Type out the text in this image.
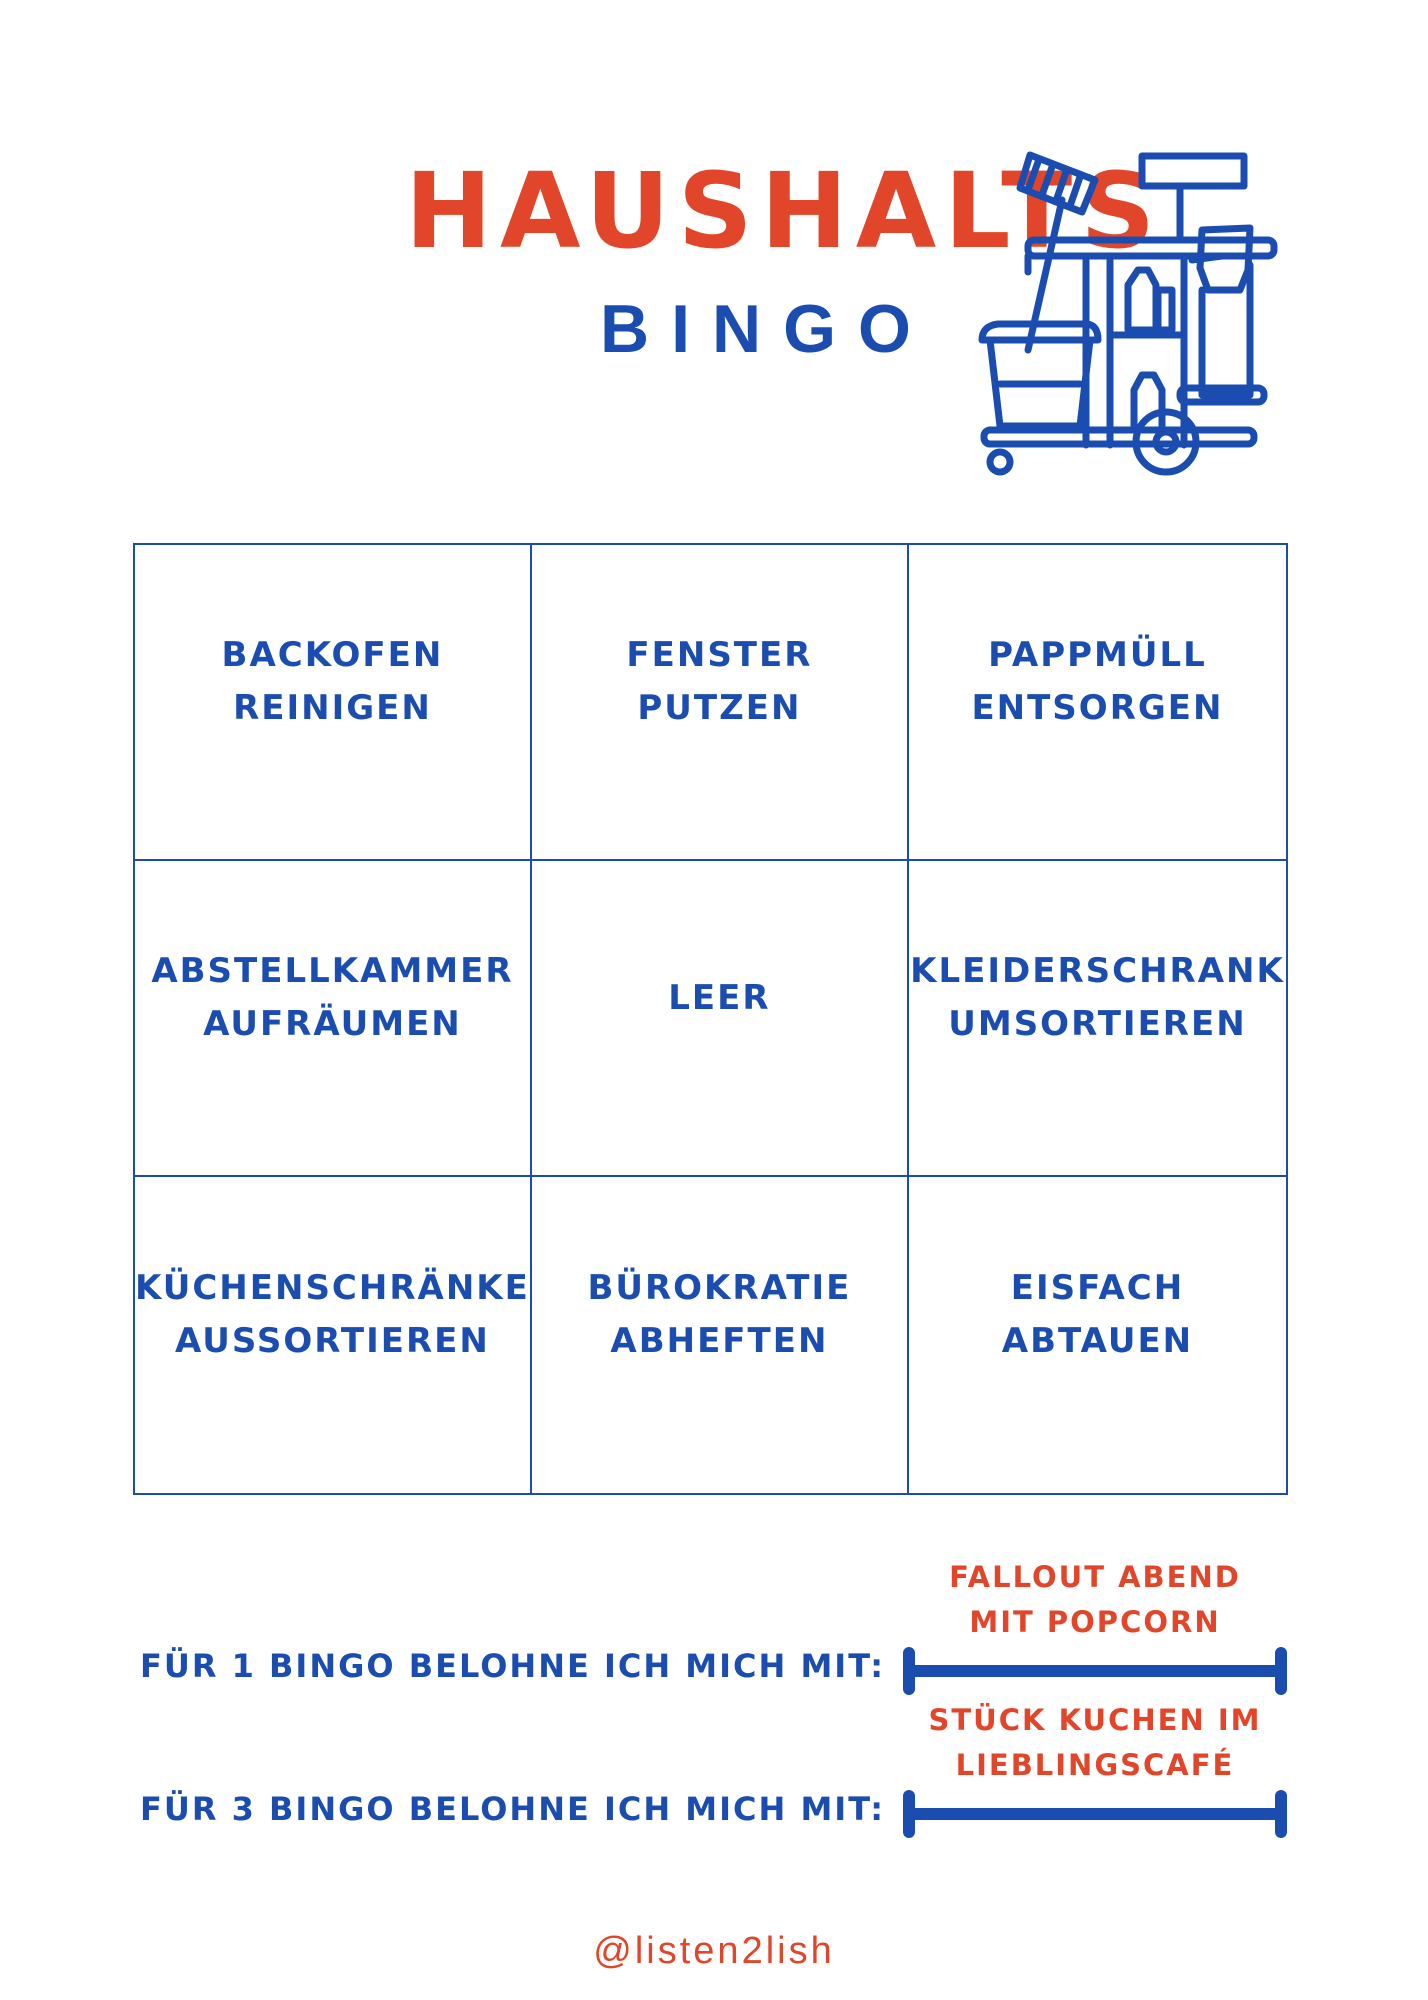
HAUSHALTS
BINGO
BACKOFEN
REINIGEN
FENSTER
PUTZEN
PAPPMÜLL
ENTSORGEN
ABSTELLKAMMER
AUFRÄUMEN
LEER
KLEIDERSCHRANK
UMSORTIEREN
KÜCHENSCHRÄNKE
AUSSORTIEREN
BÜROKRATIE
ABHEFTEN
EISFACH
ABTAUEN
FÜR 1 BINGO BELOHNE ICH MICH MIT:
FALLOUT ABEND
MIT POPCORN
FÜR 3 BINGO BELOHNE ICH MICH MIT:
STÜCK KUCHEN IM
LIEBLINGSCAFÉ
@listen2lish
